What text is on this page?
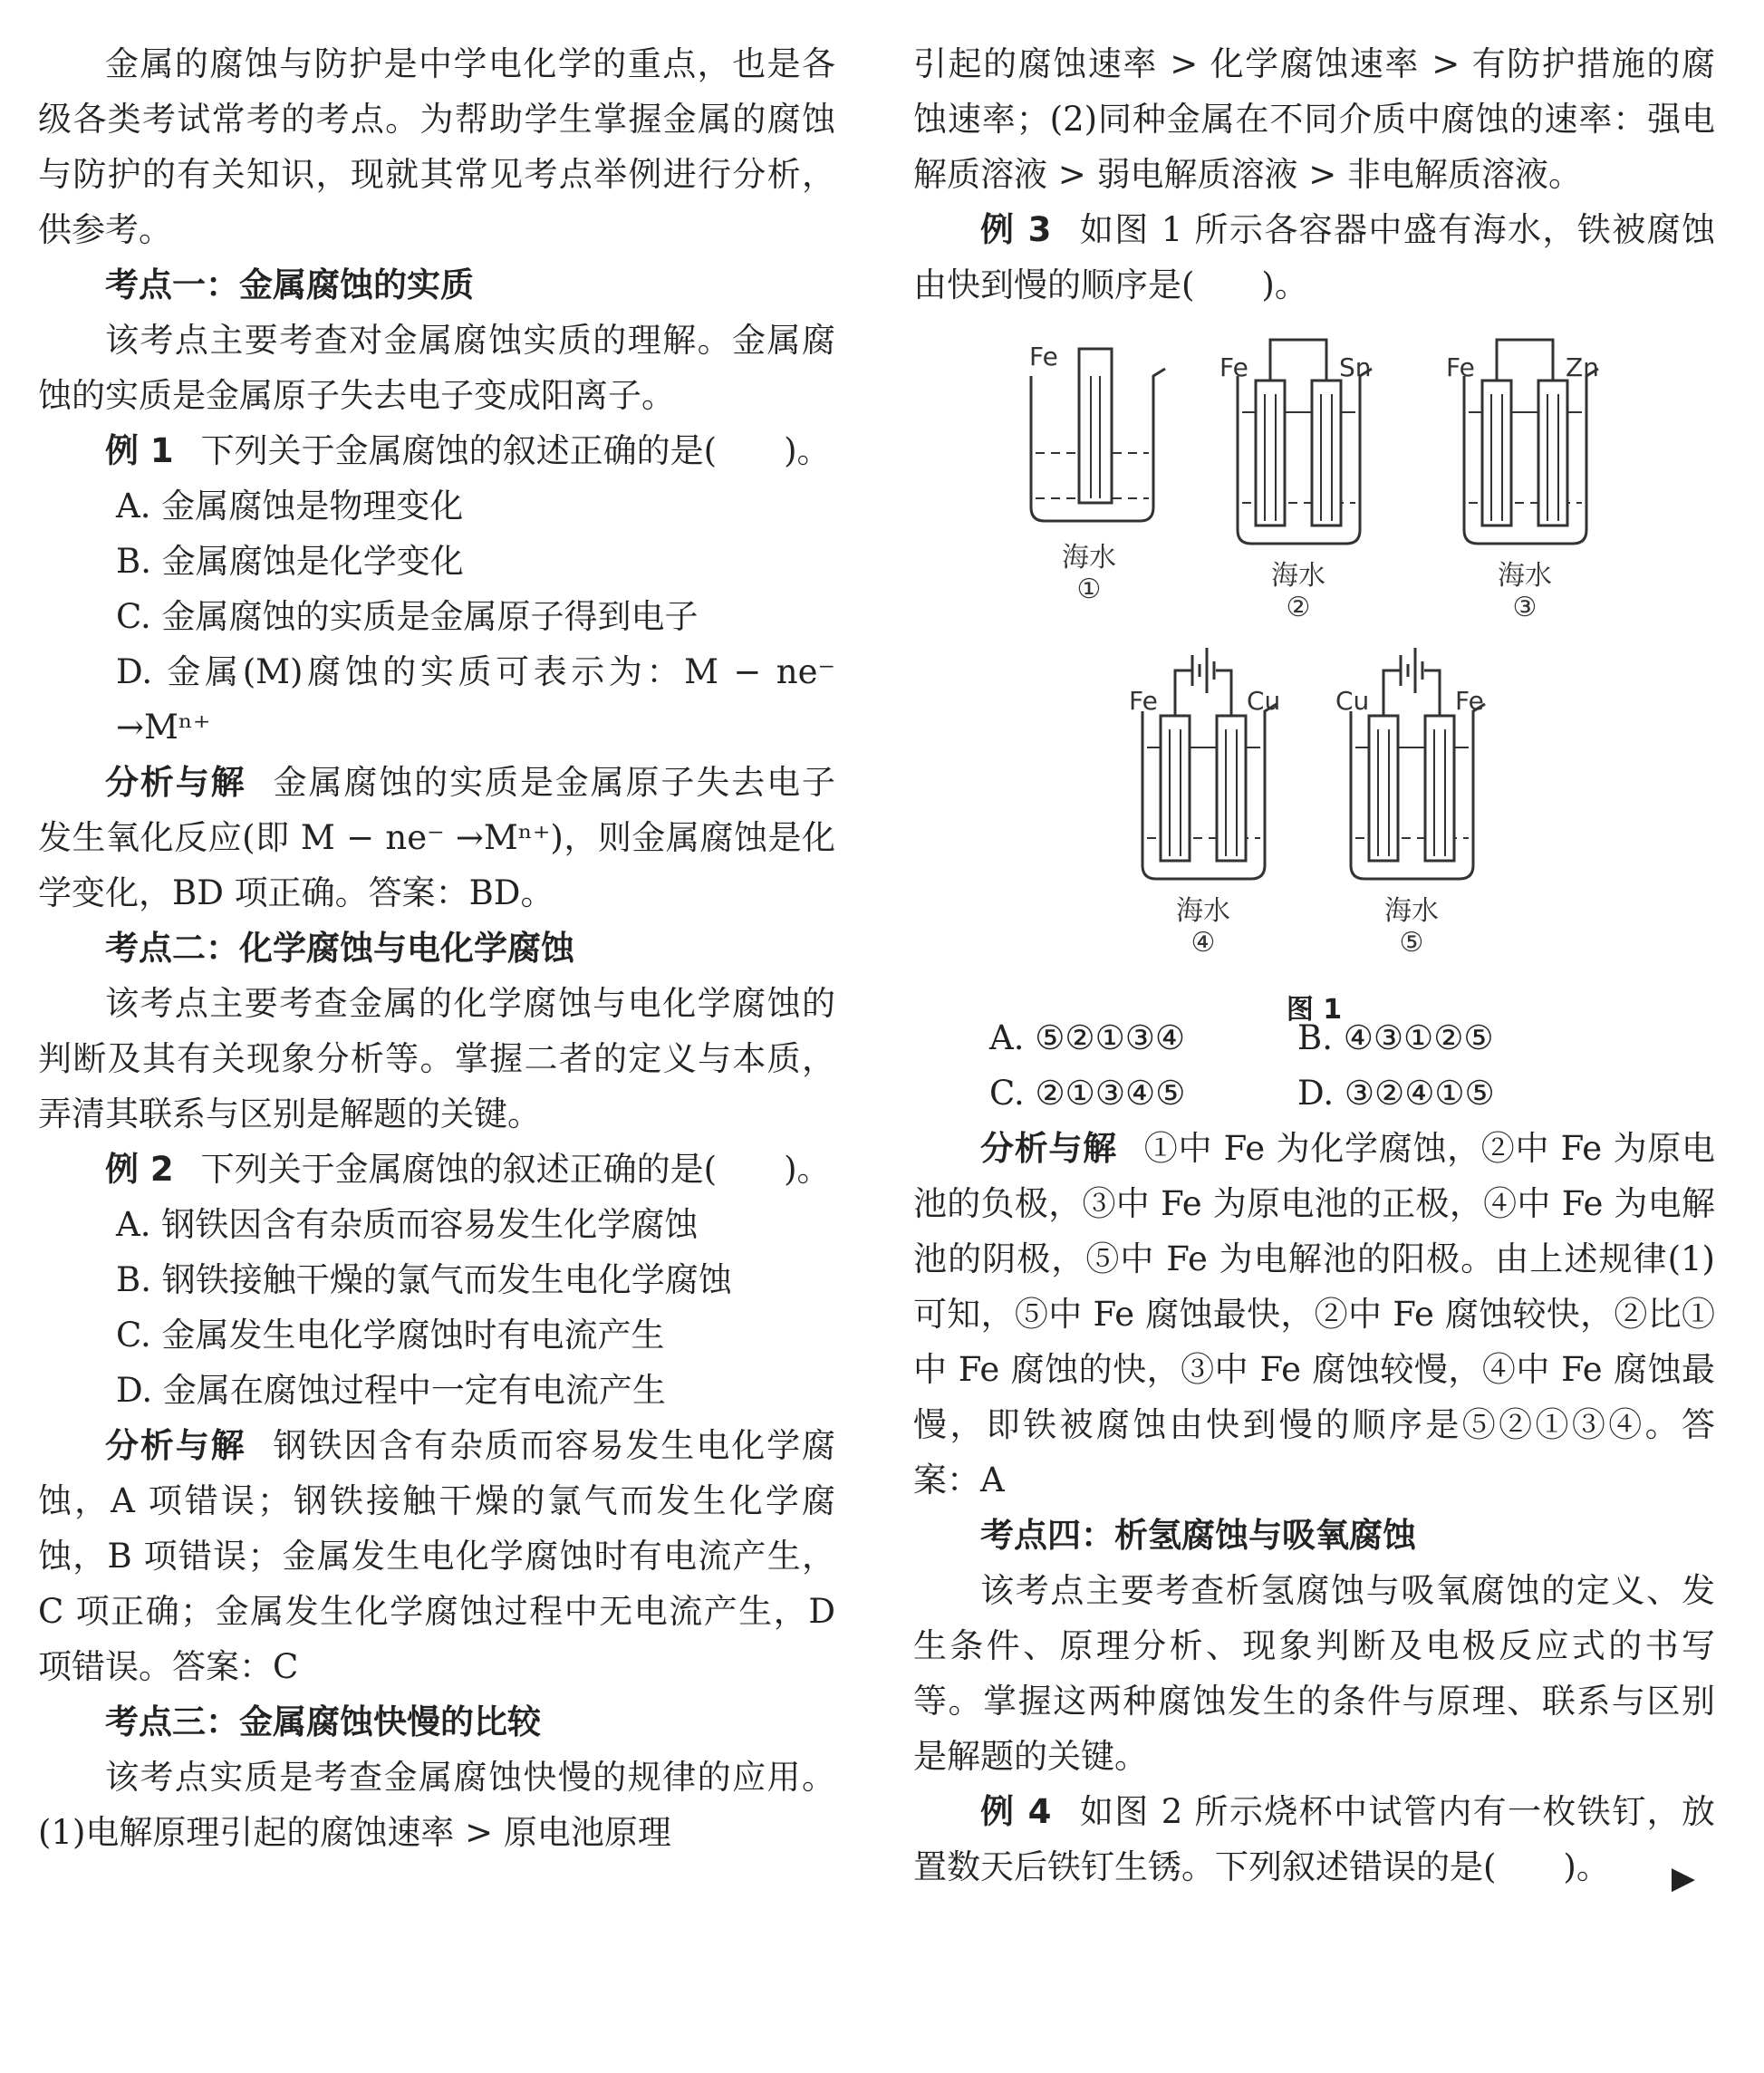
金属的腐蚀与防护是中学电化学的重点，也是各级各类考试常考的考点。为帮助学生掌握金属的腐蚀与防护的有关知识，现就其常见考点举例进行分析，供参考。

考点一：金属腐蚀的实质

该考点主要考查对金属腐蚀实质的理解。金属腐蚀的实质是金属原子失去电子变成阳离子。

例 1 下列关于金属腐蚀的叙述正确的是(　　)。

A. 金属腐蚀是物理变化

B. 金属腐蚀是化学变化

C. 金属腐蚀的实质是金属原子得到电子

D. 金属(M)腐蚀的实质可表示为：M − ne⁻ →Mⁿ⁺

分析与解 金属腐蚀的实质是金属原子失去电子发生氧化反应(即 M − ne⁻ →Mⁿ⁺)，则金属腐蚀是化学变化，BD 项正确。答案：BD。

考点二：化学腐蚀与电化学腐蚀

该考点主要考查金属的化学腐蚀与电化学腐蚀的判断及其有关现象分析等。掌握二者的定义与本质，弄清其联系与区别是解题的关键。

例 2 下列关于金属腐蚀的叙述正确的是(　　)。

A. 钢铁因含有杂质而容易发生化学腐蚀

B. 钢铁接触干燥的氯气而发生电化学腐蚀

C. 金属发生电化学腐蚀时有电流产生

D. 金属在腐蚀过程中一定有电流产生

分析与解 钢铁因含有杂质而容易发生电化学腐蚀，A 项错误；钢铁接触干燥的氯气而发生化学腐蚀，B 项错误；金属发生电化学腐蚀时有电流产生，C 项正确；金属发生化学腐蚀过程中无电流产生，D 项错误。答案：C

考点三：金属腐蚀快慢的比较

该考点实质是考查金属腐蚀快慢的规律的应用。(1)电解原理引起的腐蚀速率 > 原电池原理

引起的腐蚀速率 > 化学腐蚀速率 > 有防护措施的腐蚀速率；(2)同种金属在不同介质中腐蚀的速率：强电解质溶液 > 弱电解质溶液 > 非电解质溶液。

例 3 如图 1 所示各容器中盛有海水，铁被腐蚀由快到慢的顺序是(　　)。

Fe
海水
①
Fe	Sn
海水
②
Fe	Zn
海水
③
Fe	Cu
海水
④
Cu	Fe
海水
⑤
图 1
A. ⑤②①③④	B. ④③①②⑤
C. ②①③④⑤	D. ③②④①⑤

分析与解 ①中 Fe 为化学腐蚀，②中 Fe 为原电池的负极，③中 Fe 为原电池的正极，④中 Fe 为电解池的阴极，⑤中 Fe 为电解池的阳极。由上述规律(1)可知，⑤中 Fe 腐蚀最快，②中 Fe 腐蚀较快，②比①中 Fe 腐蚀的快，③中 Fe 腐蚀较慢，④中 Fe 腐蚀最慢，即铁被腐蚀由快到慢的顺序是⑤②①③④。答案：A

考点四：析氢腐蚀与吸氧腐蚀

该考点主要考查析氢腐蚀与吸氧腐蚀的定义、发生条件、原理分析、现象判断及电极反应式的书写等。掌握这两种腐蚀发生的条件与原理、联系与区别是解题的关键。

例 4 如图 2 所示烧杯中试管内有一枚铁钉，放置数天后铁钉生锈。下列叙述错误的是(　　)。	▶
